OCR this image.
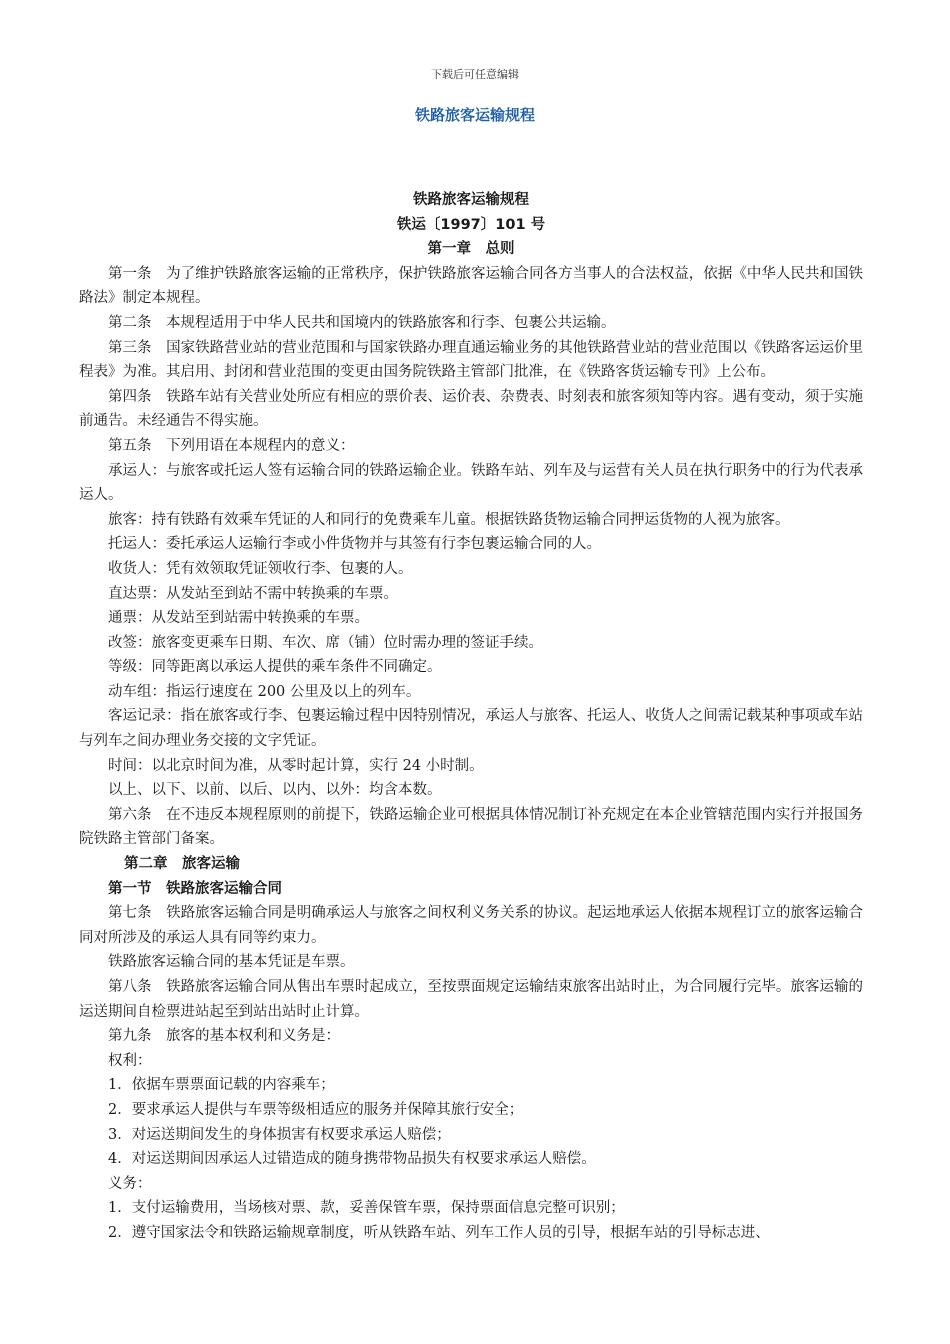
下载后可任意编辑
铁路旅客运输规程
铁路旅客运输规程
铁运〔1997〕101 号
第一章　总则

第一条　为了维护铁路旅客运输的正常秩序，保护铁路旅客运输合同各方当事人的合法权益，依据《中华人民共和国铁路法》制定本规程。

第二条　本规程适用于中华人民共和国境内的铁路旅客和行李、包裹公共运输。

第三条　国家铁路营业站的营业范围和与国家铁路办理直通运输业务的其他铁路营业站的营业范围以《铁路客运运价里程表》为准。其启用、封闭和营业范围的变更由国务院铁路主管部门批准，在《铁路客货运输专刊》上公布。

第四条　铁路车站有关营业处所应有相应的票价表、运价表、杂费表、时刻表和旅客须知等内容。遇有变动，须于实施前通告。未经通告不得实施。

第五条　下列用语在本规程内的意义：

承运人：与旅客或托运人签有运输合同的铁路运输企业。铁路车站、列车及与运营有关人员在执行职务中的行为代表承运人。

旅客：持有铁路有效乘车凭证的人和同行的免费乘车儿童。根据铁路货物运输合同押运货物的人视为旅客。

托运人：委托承运人运输行李或小件货物并与其签有行李包裹运输合同的人。

收货人：凭有效领取凭证领收行李、包裹的人。

直达票：从发站至到站不需中转换乘的车票。

通票：从发站至到站需中转换乘的车票。

改签：旅客变更乘车日期、车次、席（铺）位时需办理的签证手续。

等级：同等距离以承运人提供的乘车条件不同确定。

动车组：指运行速度在 200 公里及以上的列车。

客运记录：指在旅客或行李、包裹运输过程中因特别情况，承运人与旅客、托运人、收货人之间需记载某种事项或车站与列车之间办理业务交接的文字凭证。

时间：以北京时间为准，从零时起计算，实行 24 小时制。

以上、以下、以前、以后、以内、以外：均含本数。

第六条　在不违反本规程原则的前提下，铁路运输企业可根据具体情况制订补充规定在本企业管辖范围内实行并报国务院铁路主管部门备案。

第二章　旅客运输

第一节　铁路旅客运输合同

第七条　铁路旅客运输合同是明确承运人与旅客之间权利义务关系的协议。起运地承运人依据本规程订立的旅客运输合同对所涉及的承运人具有同等约束力。

铁路旅客运输合同的基本凭证是车票。

第八条　铁路旅客运输合同从售出车票时起成立，至按票面规定运输结束旅客出站时止，为合同履行完毕。旅客运输的运送期间自检票进站起至到站出站时止计算。

第九条　旅客的基本权利和义务是：

权利：

1．依据车票票面记载的内容乘车；

2．要求承运人提供与车票等级相适应的服务并保障其旅行安全；

3．对运送期间发生的身体损害有权要求承运人赔偿；

4．对运送期间因承运人过错造成的随身携带物品损失有权要求承运人赔偿。

义务：

1．支付运输费用，当场核对票、款，妥善保管车票，保持票面信息完整可识别；

2．遵守国家法令和铁路运输规章制度，听从铁路车站、列车工作人员的引导，根据车站的引导标志进、
